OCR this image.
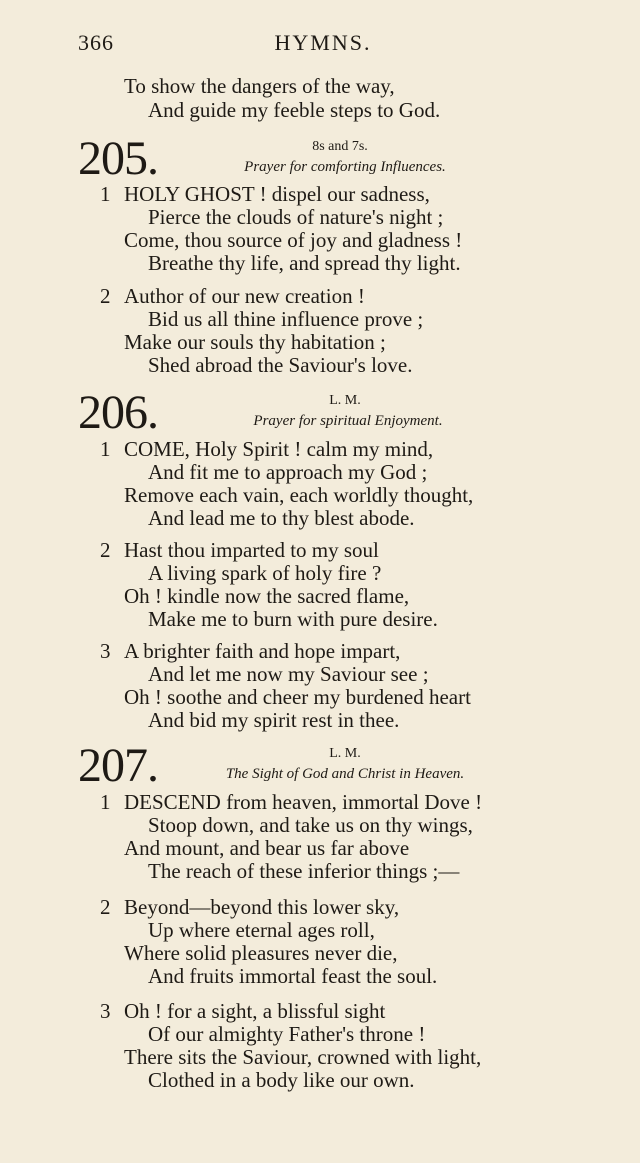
366	HYMNS.
To show the dangers of the way,
And guide my feeble steps to God.
205.	8s and 7s.
Prayer for comforting Influences.
1 HOLY GHOST ! dispel our sadness,
Pierce the clouds of nature's night ;
Come, thou source of joy and gladness !
Breathe thy life, and spread thy light.
2 Author of our new creation !
Bid us all thine influence prove ;
Make our souls thy habitation ;
Shed abroad the Saviour's love.
206.	L. M.
Prayer for spiritual Enjoyment.
1 COME, Holy Spirit ! calm my mind,
And fit me to approach my God ;
Remove each vain, each worldly thought,
And lead me to thy blest abode.
2 Hast thou imparted to my soul
A living spark of holy fire ?
Oh ! kindle now the sacred flame,
Make me to burn with pure desire.
3 A brighter faith and hope impart,
And let me now my Saviour see ;
Oh ! soothe and cheer my burdened heart
And bid my spirit rest in thee.
207.	L. M.
The Sight of God and Christ in Heaven.
1 DESCEND from heaven, immortal Dove !
Stoop down, and take us on thy wings,
And mount, and bear us far above
The reach of these inferior things ;—
2 Beyond—beyond this lower sky,
Up where eternal ages roll,
Where solid pleasures never die,
And fruits immortal feast the soul.
3 Oh ! for a sight, a blissful sight
Of our almighty Father's throne !
There sits the Saviour, crowned with light,
Clothed in a body like our own.
